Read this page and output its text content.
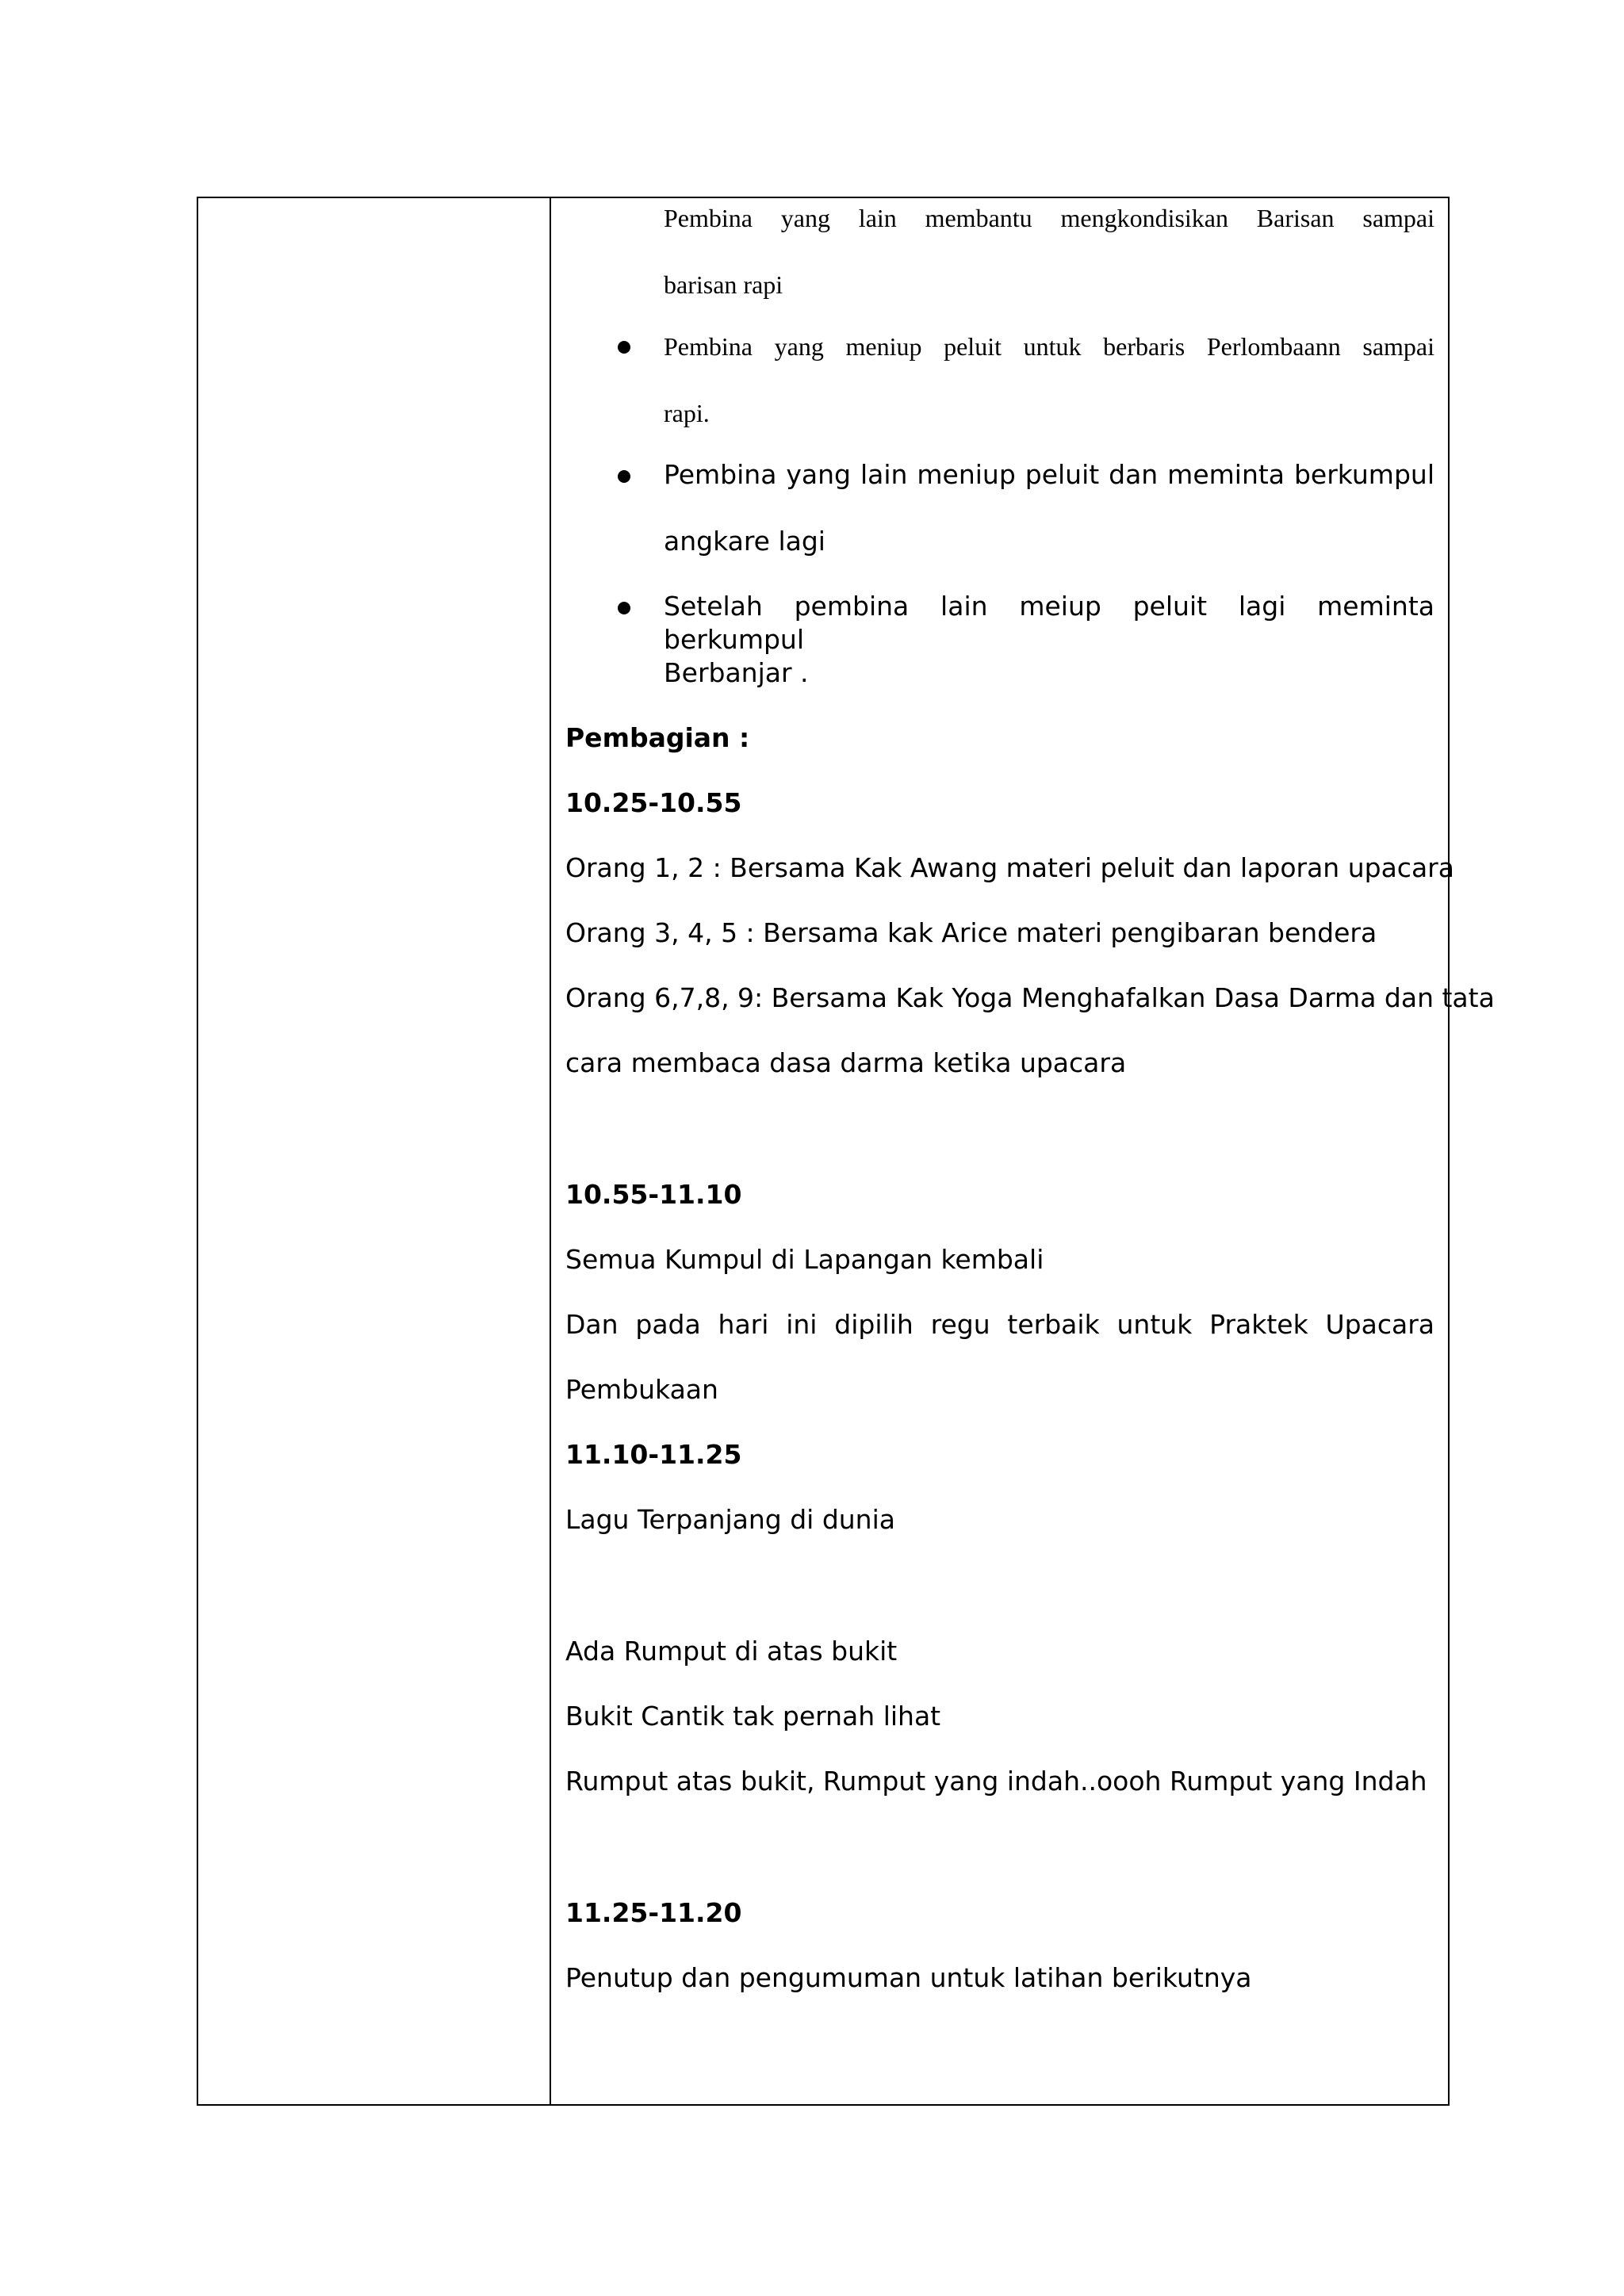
Pembina yang lain membantu mengkondisikan Barisan sampai
barisan rapi
Pembina yang meniup peluit untuk berbaris Perlombaann sampai
rapi.
Pembina yang lain meniup peluit dan meminta berkumpul
angkare lagi
Setelah pembina lain meiup peluit lagi meminta berkumpul
Berbanjar .
Pembagian :
10.25-10.55
Orang 1, 2 : Bersama Kak Awang materi peluit dan laporan upacara
Orang 3, 4, 5 : Bersama kak Arice materi pengibaran bendera
Orang 6,7,8, 9: Bersama Kak Yoga Menghafalkan Dasa Darma dan tata
cara membaca dasa darma ketika upacara
10.55-11.10
Semua Kumpul di Lapangan kembali
Dan pada hari ini dipilih regu terbaik untuk Praktek Upacara
Pembukaan
11.10-11.25
Lagu Terpanjang di dunia
Ada Rumput di atas bukit
Bukit Cantik tak pernah lihat
Rumput atas bukit, Rumput yang indah..oooh Rumput yang Indah
11.25-11.20
Penutup dan pengumuman untuk latihan berikutnya
